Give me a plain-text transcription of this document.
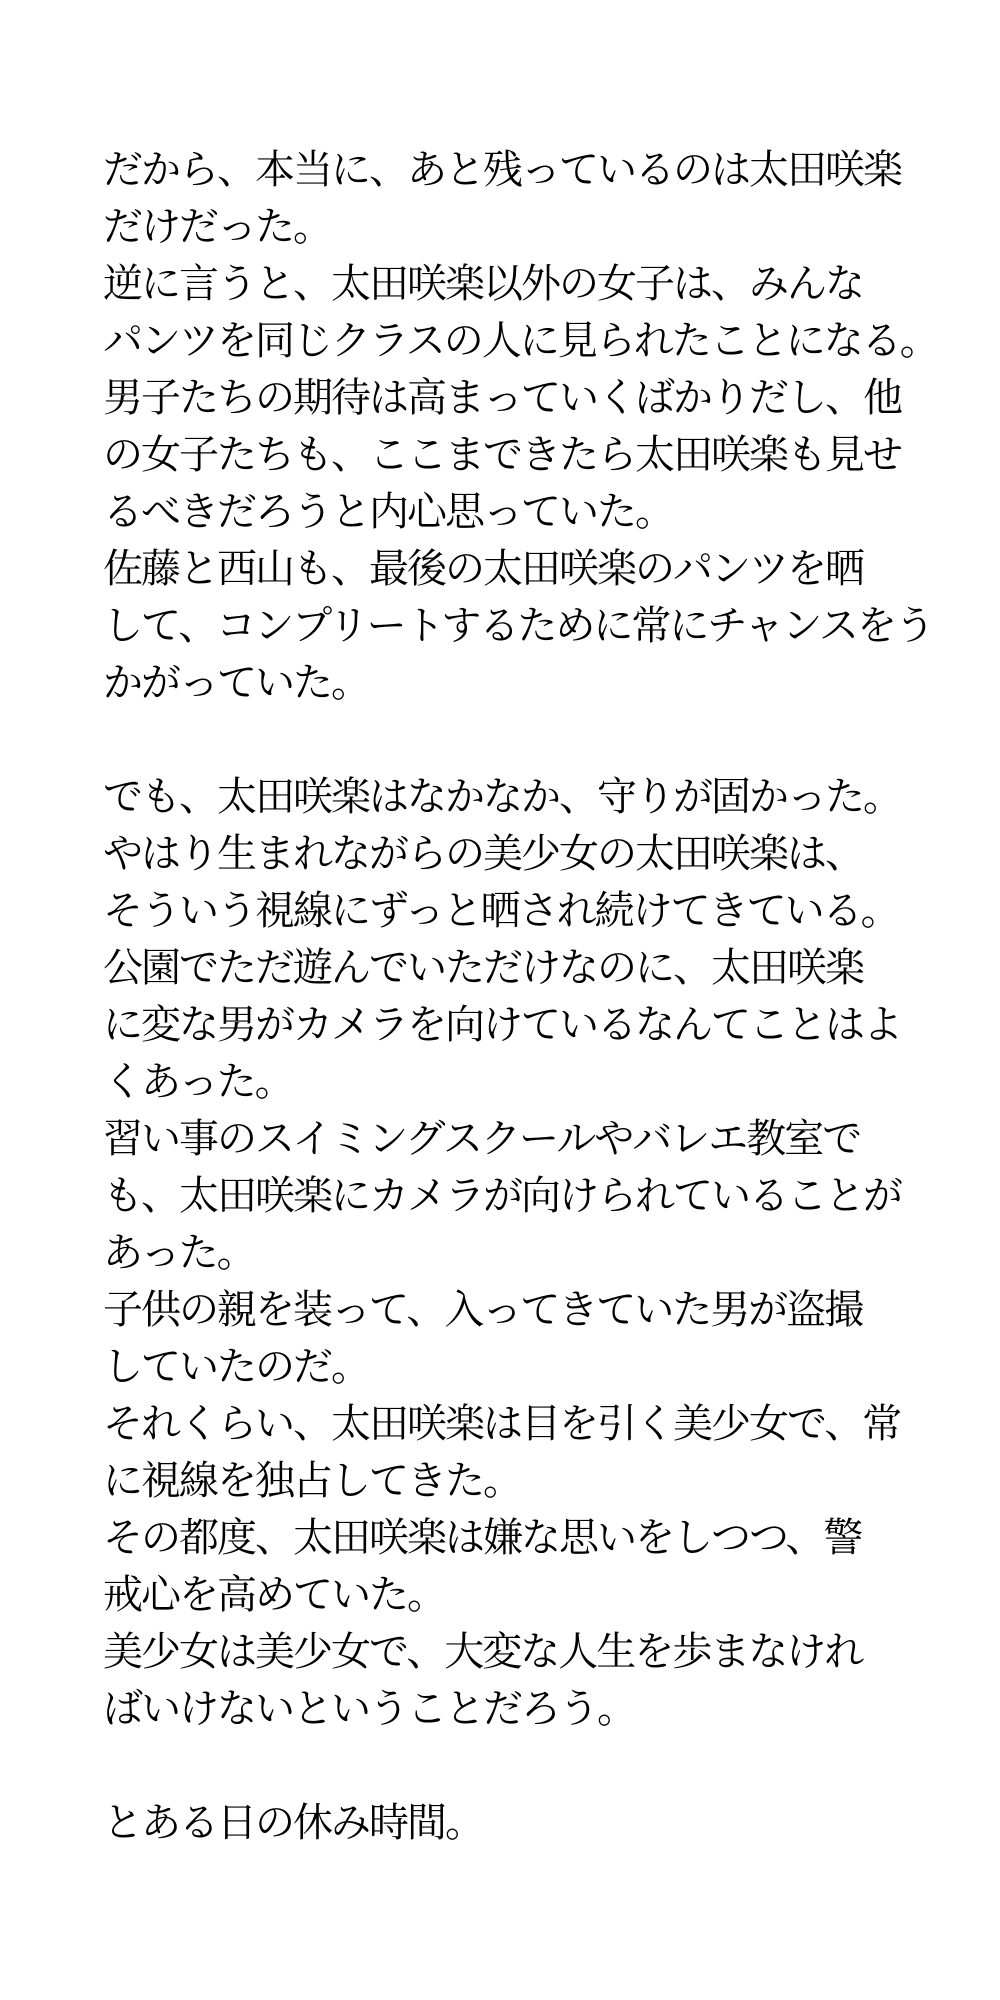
だから、本当に、あと残っているのは太田咲楽
だけだった。
逆に言うと、太田咲楽以外の女子は、みんな
パンツを同じクラスの人に見られたことになる。
男子たちの期待は高まっていくばかりだし、他
の女子たちも、ここまできたら太田咲楽も見せ
るべきだろうと内心思っていた。
佐藤と西山も、最後の太田咲楽のパンツを晒
して、コンプリートするために常にチャンスをう
かがっていた。
でも、太田咲楽はなかなか、守りが固かった。
やはり生まれながらの美少女の太田咲楽は、
そういう視線にずっと晒され続けてきている。
公園でただ遊んでいただけなのに、太田咲楽
に変な男がカメラを向けているなんてことはよ
くあった。
習い事のスイミングスクールやバレエ教室で
も、太田咲楽にカメラが向けられていることが
あった。
子供の親を装って、入ってきていた男が盗撮
していたのだ。
それくらい、太田咲楽は目を引く美少女で、常
に視線を独占してきた。
その都度、太田咲楽は嫌な思いをしつつ、警
戒心を高めていた。
美少女は美少女で、大変な人生を歩まなけれ
ばいけないということだろう。
とある日の休み時間。
